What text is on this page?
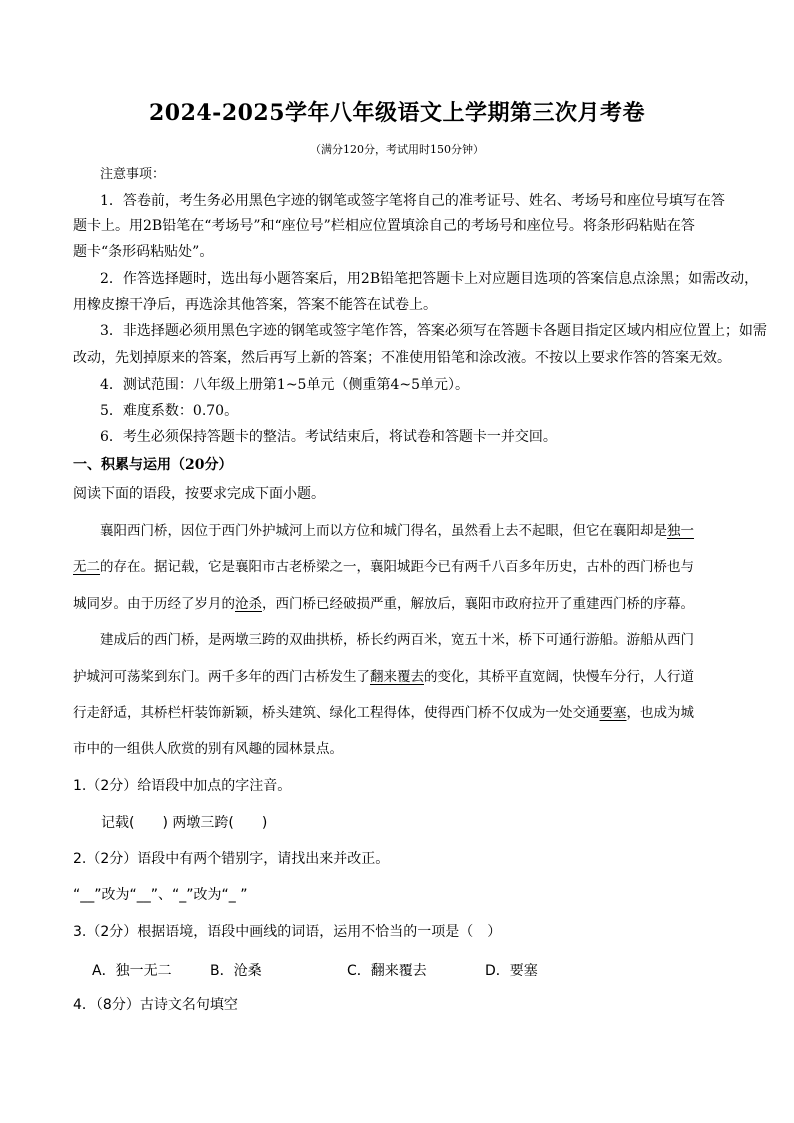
2024-2025学年八年级语文上学期第三次月考卷
（满分120分，考试用时150分钟）
注意事项：
1．答卷前，考生务必用黑色字迹的钢笔或签字笔将自己的准考证号、姓名、考场号和座位号填写在答
题卡上。用2B铅笔在“考场号”和“座位号”栏相应位置填涂自己的考场号和座位号。将条形码粘贴在答
题卡“条形码粘贴处”。
2．作答选择题时，选出每小题答案后，用2B铅笔把答题卡上对应题目选项的答案信息点涂黑；如需改动，
用橡皮擦干净后，再选涂其他答案，答案不能答在试卷上。
3．非选择题必须用黑色字迹的钢笔或签字笔作答，答案必须写在答题卡各题目指定区域内相应位置上；如需
改动，先划掉原来的答案，然后再写上新的答案；不准使用铅笔和涂改液。不按以上要求作答的答案无效。
4．测试范围：八年级上册第1~5单元（侧重第4~5单元）。
5．难度系数：0.70。
6．考生必须保持答题卡的整洁。考试结束后，将试卷和答题卡一并交回。
一、积累与运用（20分）
阅读下面的语段，按要求完成下面小题。
　　襄阳西门桥，因位于西门外护城河上而以方位和城门得名，虽然看上去不起眼，但它在襄阳却是独一
无二的存在。据记载，它是襄阳市古老桥梁之一，襄阳城距今已有两千八百多年历史，古朴的西门桥也与
城同岁。由于历经了岁月的沧杀，西门桥已经破损严重，解放后，襄阳市政府拉开了重建西门桥的序幕。
　　建成后的西门桥，是两墩三跨的双曲拱桥，桥长约两百米，宽五十米，桥下可通行游船。游船从西门
护城河可荡桨到东门。两千多年的西门古桥发生了翻来覆去的变化，其桥平直宽阔，快慢车分行，人行道
行走舒适，其桥栏杆装饰新颖，桥头建筑、绿化工程得体，使得西门桥不仅成为一处交通要塞，也成为城
市中的一组供人欣赏的别有风趣的园林景点。
1.（2分）给语段中加点的字注音。
　　记载(　　) 两墩三跨(　　)
2.（2分）语段中有两个错别字，请找出来并改正。
“__”改为“__”、“_”改为“_ ”
3.（2分）根据语境，语段中画线的词语，运用不恰当的一项是（　）
A．独一无二	B．沧桑	C．翻来覆去	D．要塞
4．（8分）古诗文名句填空
